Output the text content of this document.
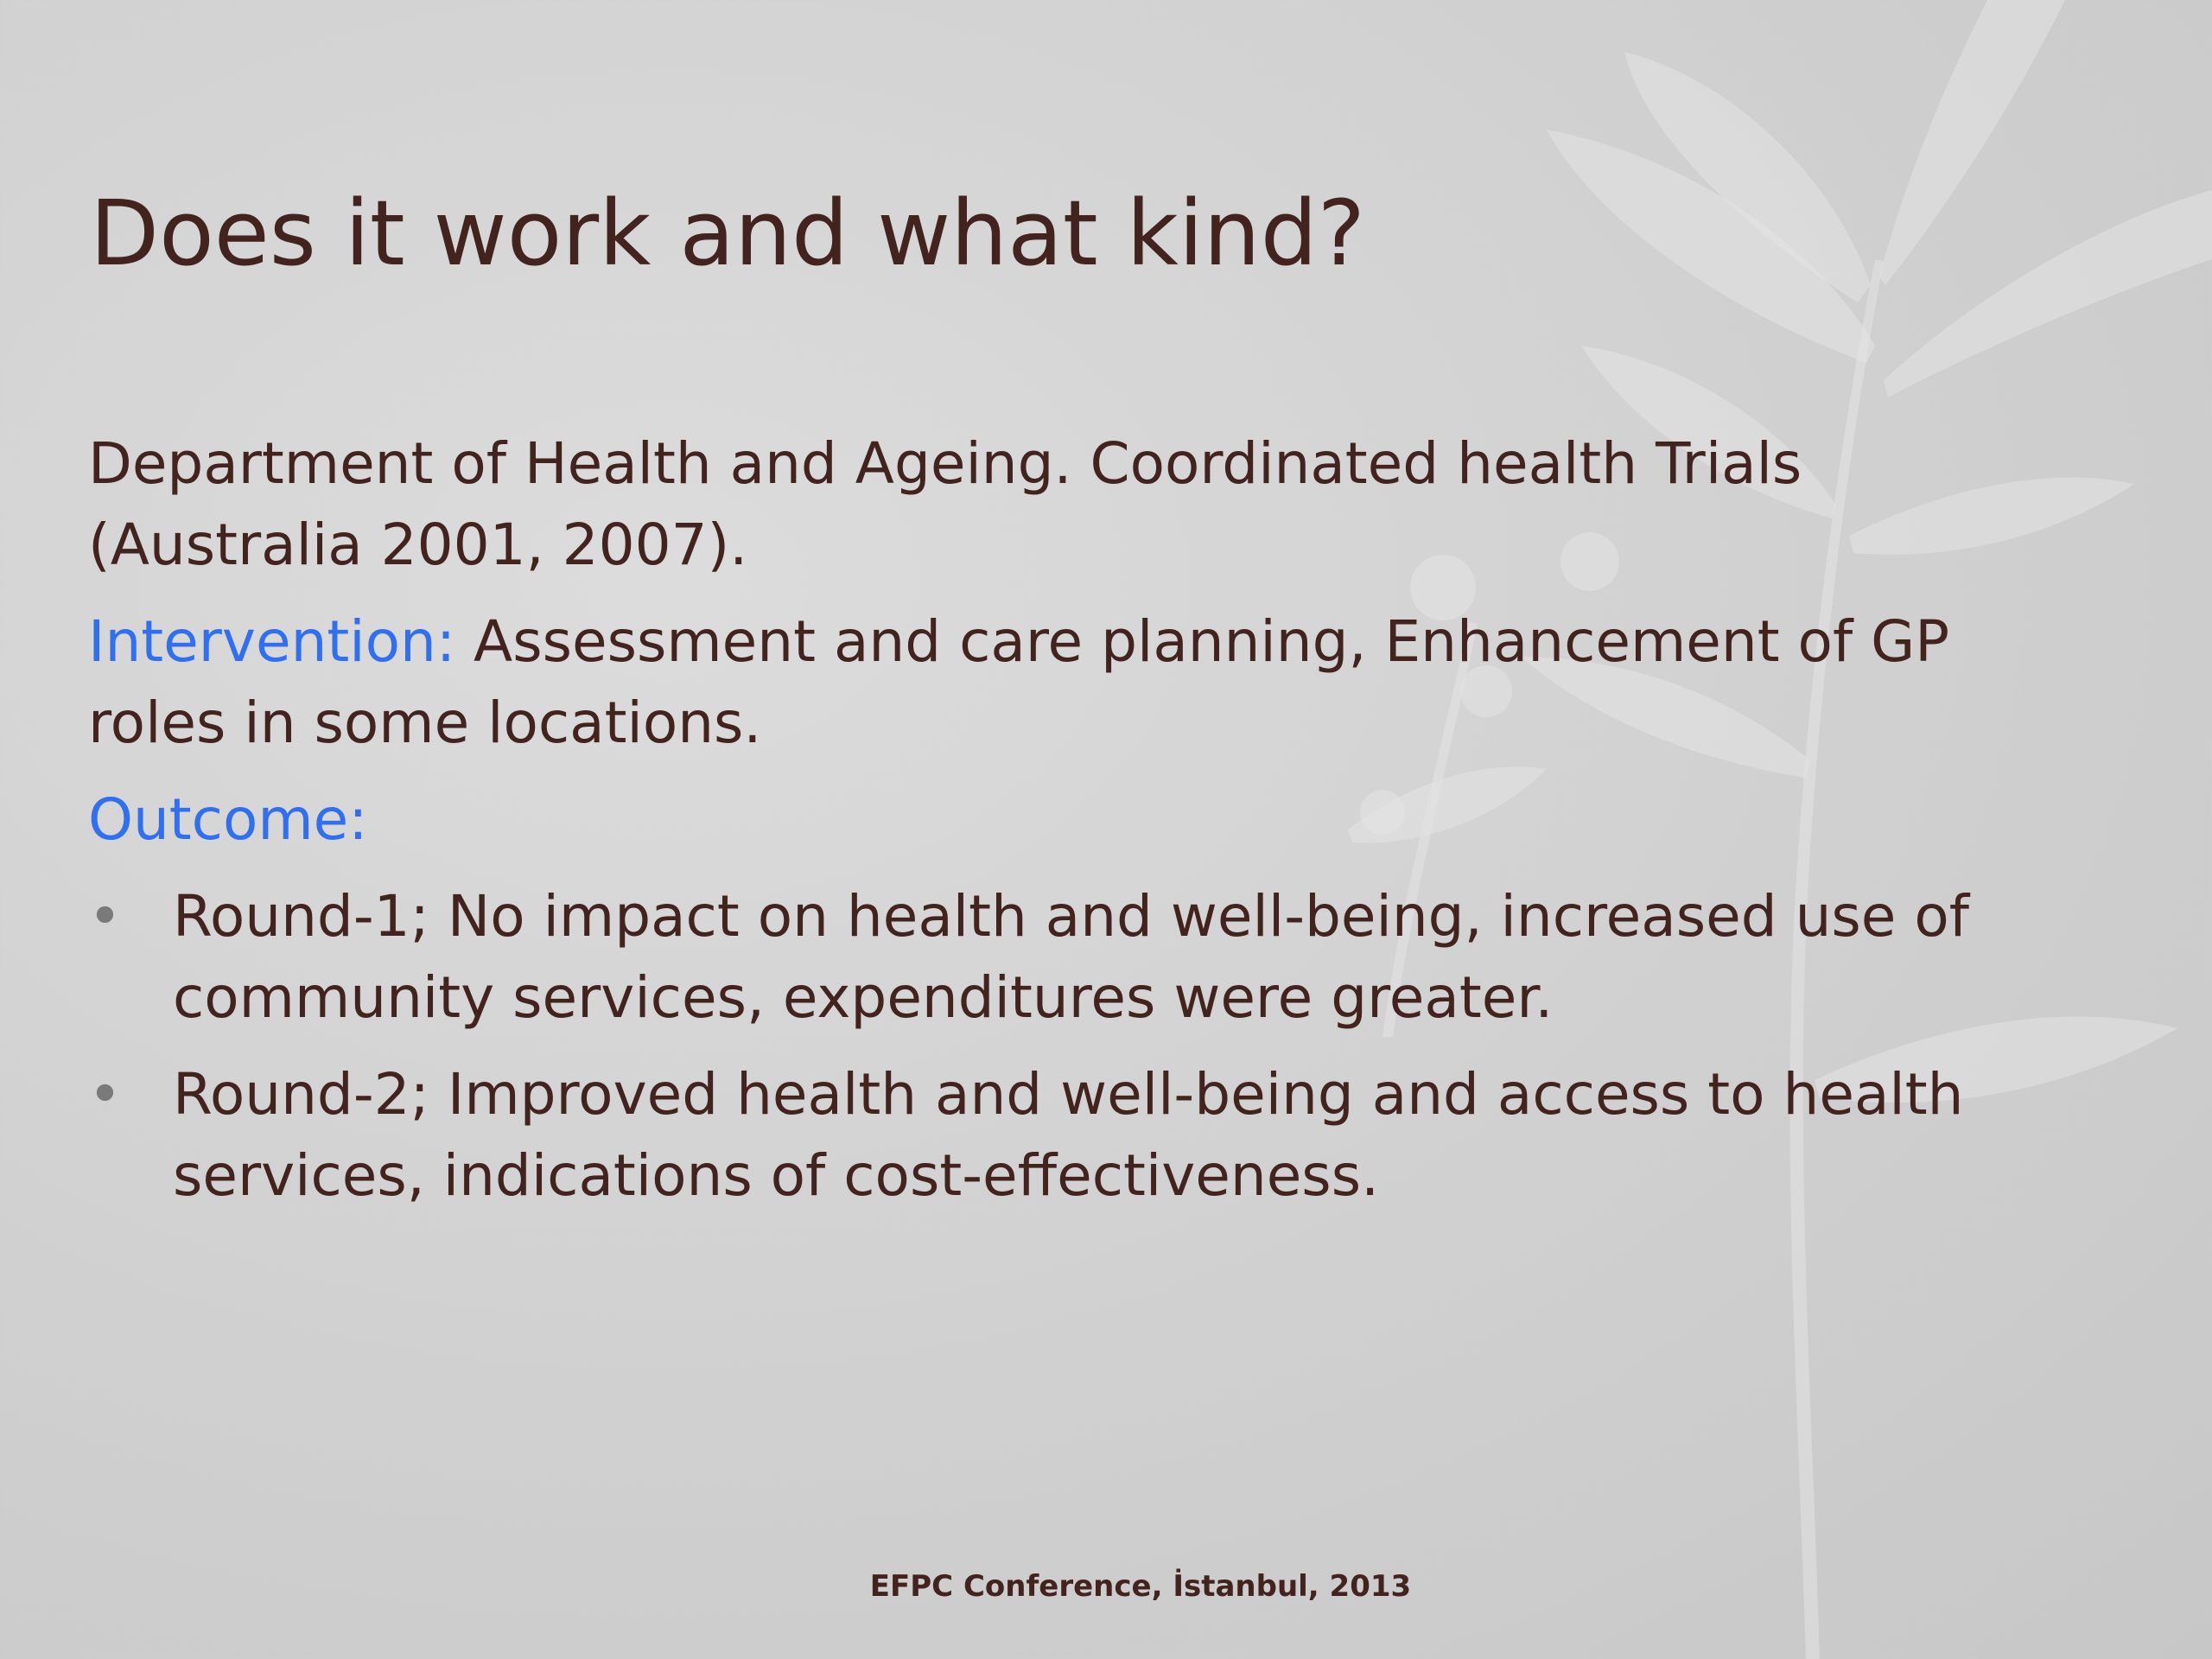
Does it work and what kind?

Department of Health and Ageing. Coordinated health Trials (Australia 2001, 2007).

Intervention: Assessment and care planning, Enhancement of GP roles in some locations.

Outcome:

• Round-1; No impact on health and well-being, increased use of community services, expenditures were greater.
• Round-2; Improved health and well-being and access to health services, indications of cost-effectiveness.
EFPC Conference, İstanbul, 2013
